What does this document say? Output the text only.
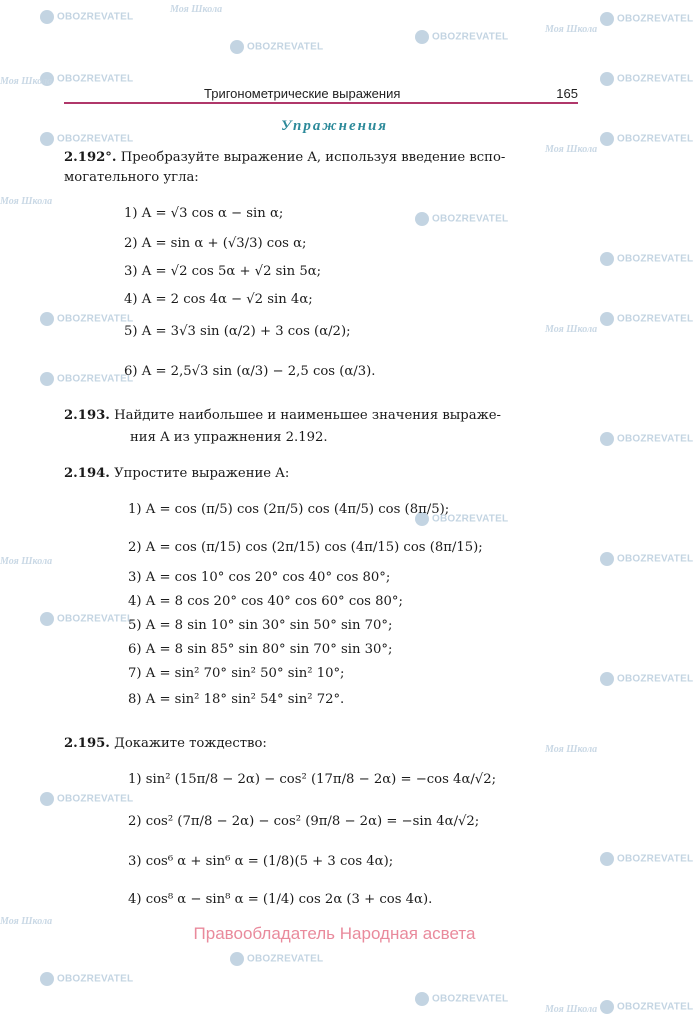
OBOZREVATEL
OBOZREVATEL
OBOZREVATEL
OBOZREVATEL
OBOZREVATEL	OBOZREVATEL
OBOZREVATEL	OBOZREVATEL
OBOZREVATEL
OBOZREVATEL
OBOZREVATEL	OBOZREVATEL
OBOZREVATEL
OBOZREVATEL
OBOZREVATEL
OBOZREVATEL
OBOZREVATEL
OBOZREVATEL
OBOZREVATEL
OBOZREVATEL
OBOZREVATEL
OBOZREVATEL
OBOZREVATEL
OBOZREVATEL
Моя Школа
Моя Школа
Моя Школа
Моя Школа
Моя Школа
Моя Школа
Моя Школа
Моя Школа
Моя Школа
Моя Школа
Тригонометрические выражения	165
Упражнения
2.192°. Преобразуйте выражение A, используя введение вспо-
могательного угла:
1) A = √3 cos α − sin α;
2) A = sin α + (√3/3) cos α;
3) A = √2 cos 5α + √2 sin 5α;
4) A = 2 cos 4α − √2 sin 4α;
5) A = 3√3 sin (α/2) + 3 cos (α/2);
6) A = 2,5√3 sin (α/3) − 2,5 cos (α/3).
2.193. Найдите наибольшее и наименьшее значения выраже-
ния A из упражнения 2.192.
2.194. Упростите выражение A:
1) A = cos (π/5) cos (2π/5) cos (4π/5) cos (8π/5);
2) A = cos (π/15) cos (2π/15) cos (4π/15) cos (8π/15);
3) A = cos 10° cos 20° cos 40° cos 80°;
4) A = 8 cos 20° cos 40° cos 60° cos 80°;
5) A = 8 sin 10° sin 30° sin 50° sin 70°;
6) A = 8 sin 85° sin 80° sin 70° sin 30°;
7) A = sin² 70° sin² 50° sin² 10°;
8) A = sin² 18° sin² 54° sin² 72°.
2.195. Докажите тождество:
1) sin² (15π/8 − 2α) − cos² (17π/8 − 2α) = −cos 4α/√2;
2) cos² (7π/8 − 2α) − cos² (9π/8 − 2α) = −sin 4α/√2;
3) cos⁶ α + sin⁶ α = (1/8)(5 + 3 cos 4α);
4) cos⁸ α − sin⁸ α = (1/4) cos 2α (3 + cos 4α).
Правообладатель Народная асвета
